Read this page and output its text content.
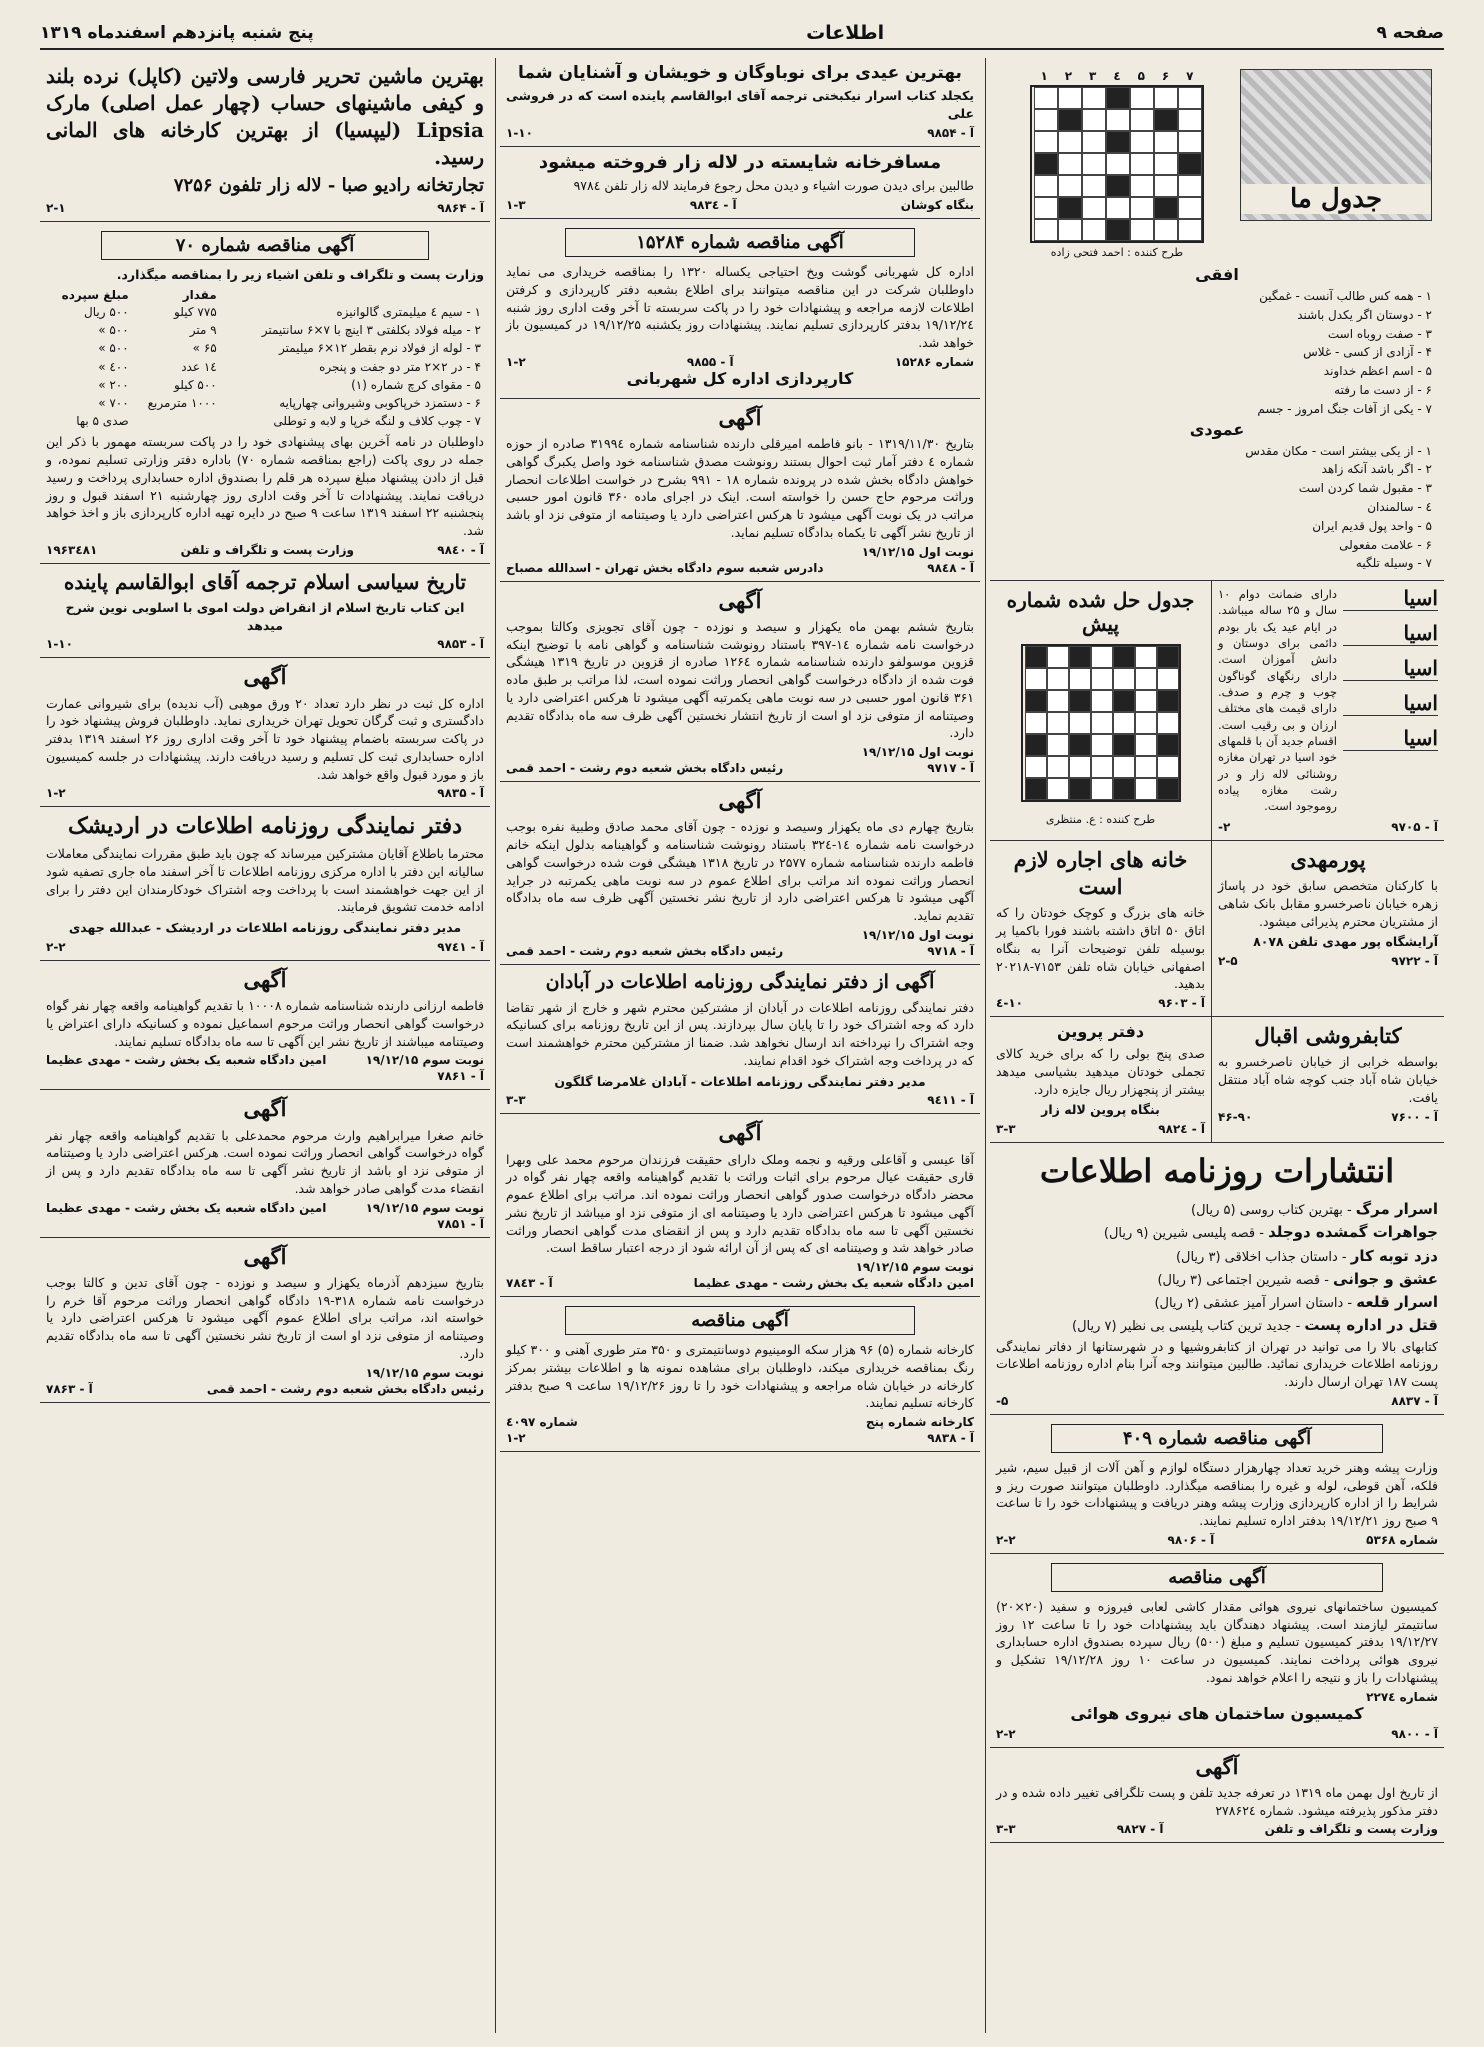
صفحه ۹
اطلاعات
پنج شنبه پانزدهم اسفندماه ۱۳۱۹
جدول ما
۱ ۲ ۳ ٤ ۵ ۶ ۷
طرح کننده : احمد فتحی زاده
افقی

۱ - همه کس طالب آنست - غمگین

۲ - دوستان اگر یکدل باشند

۳ - صفت روباه است

۴ - آزادی از کسی - غلاس

۵ - اسم اعظم خداوند

۶ - از دست ما رفته

۷ - یکی از آفات جنگ امروز - جسم

عمودی

۱ - از یکی بیشتر است - مکان مقدس

۲ - اگر باشد آنکه زاهد

۳ - مقبول شما کردن است

٤ - سالمندان

۵ - واحد پول قدیم ایران

۶ - علامت مفعولی

۷ - وسیله تلگیه

اسیا
اسیا
اسیا
اسیا
اسیا

دارای ضمانت دوام ۱۰ سال و ۲۵ ساله میباشد. در ایام عید یک بار بودم دائمی برای دوستان و دانش آموزان است. دارای رنگهای گوناگون چوب و چرم و صدف. دارای قیمت های مختلف ارزان و بی رقیب است. اقسام جدید آن با قلمهای خود اسیا در تهران مغازه روشنائی لاله زار و در رشت مغازه پیاده روموجود است.

آ - ۹۷۰۵
۲-
جدول حل شده شماره پیش
طرح کننده : ع. منتظری
پورمهدی

با کارکنان متخصص سابق خود در پاساژ زهره خیابان ناصرخسرو مقابل بانک شاهی از مشتریان محترم پذیرائی میشود.

آرایشگاه پور مهدی تلفن ۸۰۷۸

آ - ۹۷۲۲
۲-۵
خانه های اجاره لازم است

خانه های بزرگ و کوچک خودتان را که اتاق ۵۰ اتاق داشته باشند فورا باکمیا پر بوسیله تلفن توضیحات آنرا به بنگاه اصفهانی خیابان شاه تلفن ۷۱۵۳-۲۰۲۱۸ بدهید.

آ - ۹۶۰۳
۱۰-٤
کتابفروشی اقبال

بواسطه خرابی از خیابان ناصرخسرو به خیابان شاه آباد جنب کوچه شاه آباد منتقل یافت.

آ - ۷۶۰۰
۴۶-۹۰
دفتر پروین

صدی پنج بولی را که برای خرید کالای تجملی خودتان میدهید بشیاسی میدهد بیشتر از پنجهزار ریال جایزه دارد.

بنگاه پروین لاله زار

آ - ۹۸۲٤
۳-۳
انتشارات روزنامه اطلاعات
اسرار مرگ - بهترین کتاب روسی (۵ ریال)
جواهرات گمشده دوجلد - قصه پلیسی شیرین (۹ ریال)
دزد توبه کار - داستان جذاب اخلاقی (۳ ریال)
عشق و جوانی - قصه شیرین اجتماعی (۳ ریال)
اسرار قلعه - داستان اسرار آمیز عشقی (۲ ریال)
قتل در اداره پست - جدید ترین کتاب پلیسی بی نظیر (۷ ریال)

کتابهای بالا را می توانید در تهران از کتابفروشیها و در شهرستانها از دفاتر نمایندگی روزنامه اطلاعات خریداری نمائید. طالبین میتوانند وجه آنرا بنام اداره روزنامه اطلاعات پست ۱۸۷ تهران ارسال دارند.

آ - ۸۸۳۷
۵-
آگهی مناقصه شماره ۴۰۹

وزارت پیشه وهنر خرید تعداد چهارهزار دستگاه لوازم و آهن آلات از قبیل سیم، شیر فلکه، آهن قوطی، لوله و غیره را بمناقصه میگذارد. داوطلبان میتوانند صورت ریز و شرایط را از اداره کارپردازی وزارت پیشه وهنر دریافت و پیشنهادات خود را تا ساعت ۹ صبح روز ۱۹/۱۲/۲۱ بدفتر اداره تسلیم نمایند.

شماره ۵۳۶۸
آ - ۹۸۰۶
۲-۲
آگهی مناقصه

کمیسیون ساختمانهای نیروی هوائی مقدار کاشی لعابی فیروزه و سفید (۲۰×۲۰) سانتیمتر لیازمند است. پیشنهاد دهندگان باید پیشنهادات خود را تا ساعت ۱۲ روز ۱۹/۱۲/۲۷ بدفتر کمیسیون تسلیم و مبلغ (۵۰۰) ریال سپرده بصندوق اداره حسابداری نیروی هوائی پرداخت نمایند. کمیسیون در ساعت ۱۰ روز ۱۹/۱۲/۲۸ تشکیل و پیشنهادات را باز و نتیجه را اعلام خواهد نمود.

شماره ۲۲۷٤
کمیسیون ساختمان های نیروی هوائی
آ - ۹۸۰۰
۲-۲
آگهی

از تاریخ اول بهمن ماه ۱۳۱۹ در تعرفه جدید تلفن و پست تلگرافی تغییر داده شده و در دفتر مذکور پذیرفته میشود. شماره ۲۷۸۶۲٤

وزارت پست و تلگراف و تلفن
آ - ۹۸۲۷
۳-۳
بهترین عیدی برای نوباوگان و خویشان و آشنایان شما

یکجلد کتاب اسرار نیکبختی ترجمه آقای ابوالقاسم پاینده است که در فروشی علی

آ - ۹۸۵۴
۱-۱۰
مسافرخانه شایسته در لاله زار فروخته میشود

طالبین برای دیدن صورت اشیاء و دیدن محل رجوع فرمایند لاله زار تلفن ۹۷۸٤

بنگاه کوشان
آ - ۹۸۳٤
۱-۳
آگهی مناقصه شماره ۱۵۲۸۴

اداره کل شهربانی گوشت ویخ احتیاجی یکساله ۱۳۲۰ را بمناقصه خریداری می نماید داوطلبان شرکت در این مناقصه میتوانند برای اطلاع بشعبه دفتر کارپردازی و کرفتن اطلاعات لازمه مراجعه و پیشنهادات خود را در پاکت سربسته تا آخر وقت اداری روز شنبه ۱۹/۱۲/۲٤ بدفتر کارپردازی تسلیم نمایند. پیشنهادات روز یکشنبه ۱۹/۱۲/۲۵ در کمیسیون باز خواهد شد.

شماره ۱۵۲۸۶
آ - ۹۸۵۵
۱-۲
کارپردازی اداره کل شهربانی
آگهی

بتاریخ ۱۳۱۹/۱۱/۳۰ - بانو فاطمه امیرقلی دارنده شناسنامه شماره ۳۱۹۹٤ صادره از حوزه شماره ٤ دفتر آمار ثبت احوال بستند رونوشت مصدق شناسنامه خود واصل یکبرگ گواهی خواهش دادگاه بخش شده در پرونده شماره ۱۸ - ۹۹۱ بشرح در خواست اطلاعات انحصار وراثت مرحوم حاج حسن را خواسته است. اینک در اجرای ماده ۳۶۰ قانون امور حسبی مراتب در یک نوبت آگهی میشود تا هرکس اعتراضی دارد یا وصیتنامه از متوفی نزد او باشد از تاریخ نشر آگهی تا یکماه بدادگاه تسلیم نماید.

نوبت اول ۱۹/۱۲/۱۵
آ - ۹۸٤۸
دادرس شعبه سوم دادگاه بخش تهران - اسدالله مصباح
آگهی

بتاریخ ششم بهمن ماه یکهزار و سیصد و نوزده - چون آقای تجویزی وکالتا بموجب درخواست نامه شماره ۱٤-۳۹۷ باستناد رونوشت شناسنامه و گواهی نامه با توضیح اینکه قزوین موسولفو دارنده شناسنامه شماره ۱۲۶٤ صادره از قزوین در تاریخ ۱۳۱۹ هیشگی فوت شده از دادگاه درخواست گواهی انحصار وراثت نموده است، لذا مراتب بر طبق ماده ۳۶۱ قانون امور حسبی در سه نوبت ماهی یکمرتبه آگهی میشود تا هرکس اعتراضی دارد یا وصیتنامه از متوفی نزد او است از تاریخ انتشار نخستین آگهی ظرف سه ماه بدادگاه تقدیم دارد.

نوبت اول ۱۹/۱۲/۱۵
آ - ۹۷۱۷
رئیس دادگاه بخش شعبه دوم رشت - احمد قمی
آگهی

بتاریخ چهارم دی ماه یکهزار وسیصد و نوزده - چون آقای محمد صادق وطبیة نفره بوجب درخواست نامه شماره ۱٤-۳۲٤ باستناد رونوشت شناسنامه و گواهینامه بدلول اینکه خانم فاطمه دارنده شناسنامه شماره ۲۵۷۷ در تاریخ ۱۳۱۸ هیشگی فوت شده درخواست گواهی انحصار وراثت نموده اند مراتب برای اطلاع عموم در سه نوبت ماهی یکمرتبه در جراید آگهی میشود تا هرکس اعتراضی دارد از تاریخ نشر نخستین آگهی ظرف سه ماه بدادگاه تقدیم نماید.

نوبت اول ۱۹/۱۲/۱۵
آ - ۹۷۱۸
رئیس دادگاه بخش شعبه دوم رشت - احمد قمی
آگهی از دفتر نمایندگی روزنامه اطلاعات در آبادان

دفتر نمایندگی روزنامه اطلاعات در آبادان از مشترکین محترم شهر و خارج از شهر تقاضا دارد که وجه اشتراک خود را تا پایان سال بپردازند. پس از این تاریخ روزنامه برای کسانیکه وجه اشتراک را نپرداخته اند ارسال نخواهد شد. ضمنا از مشترکین محترم خواهشمند است که در پرداخت وجه اشتراک خود اقدام نمایند.

مدیر دفتر نمایندگی روزنامه اطلاعات - آبادان غلامرضا گلگون

آ - ۹٤۱۱
۳-۳
آگهی

آقا عیسی و آقاعلی ورقیه و نجمه وملک دارای حقیقت فرزندان مرحوم محمد علی وبهرا قاری حقیقت عیال مرحوم برای اثبات وراثت با تقدیم گواهینامه واقعه چهار نفر گواه در محضر دادگاه درخواست صدور گواهی انحصار وراثت نموده اند. مراتب برای اطلاع عموم آگهی میشود تا هرکس اعتراضی دارد یا وصیتنامه ای از متوفی نزد او میباشد از تاریخ نشر نخستین آگهی تا سه ماه بدادگاه تقدیم دارد و پس از انقضای مدت گواهی انحصار وراثت صادر خواهد شد و وصیتنامه ای که پس از آن ارائه شود از درجه اعتبار ساقط است.

نوبت سوم ۱۹/۱۲/۱۵
امین دادگاه شعبه یک بخش رشت - مهدی عظیما
آ - ۷۸٤۳
آگهی مناقصه

کارخانه شماره (۵) ۹۶ هزار سکه الومینیوم دوسانتیمتری و ۳۵۰ متر طوری آهنی و ۳۰۰ کیلو رنگ بمناقصه خریداری میکند، داوطلبان برای مشاهده نمونه ها و اطلاعات بیشتر بمرکز کارخانه در خیابان شاه مراجعه و پیشنهادات خود را تا روز ۱۹/۱۲/۲۶ ساعت ۹ صبح بدفتر کارخانه تسلیم نمایند.

کارخانه شماره پنج
شماره ٤۰۹۷
آ - ۹۸۳۸
۱-۲

بهترین ماشین تحریر فارسی ولاتین (کاپل) نرده بلند و کیفی ماشینهای حساب (چهار عمل اصلی) مارک Lipsia (لیپسیا) از بهترین کارخانه های المانی رسید.

تجارتخانه رادیو صبا - لاله زار تلفون ۷۲۵۶

آ - ۹۸۶۴
۲-۱
آگهی مناقصه شماره ۷۰

وزارت پست و تلگراف و تلفن اشیاء زیر را بمناقصه میگذارد.

	مقدار	مبلغ سپرده
۱ - سیم ٤ میلیمتری گالوانیزه	۷۷۵ کیلو	۵۰۰ ریال
۲ - میله فولاد بکلفتی ۳ اینچ با ۷×۶ سانتیمتر	۹ متر	۵۰۰ »
۳ - لوله از فولاد نرم بقطر ۱۲×۶ میلیمتر	۶۵ »	۵۰۰ »
۴ - در ۲×۲ متر دو جفت و پنجره	۱٤ عدد	٤۰۰ »
۵ - مقوای کرچ شماره (۱)	۵۰۰ کیلو	۲۰۰ »
۶ - دستمزد خرپاکوبی وشیروانی چهارپایه	۱۰۰۰ مترمربع	۷۰۰ »
۷ - چوب کلاف و لنگه خرپا و لابه و توطلی		صدی ۵ بها

داوطلبان در نامه آخرین بهای پیشنهادی خود را در پاکت سربسته مهمور با ذکر این جمله در روی پاکت (راجع بمناقصه شماره ۷۰) باداره دفتر وزارتی تسلیم نموده، و قبل از دادن پیشنهاد مبلغ سپرده هر قلم را بصندوق اداره حسابداری پرداخت و رسید دریافت نمایند. پیشنهادات تا آخر وقت اداری روز چهارشنبه ۲۱ اسفند قبول و روز پنجشنبه ۲۲ اسفند ۱۳۱۹ ساعت ۹ صبح در دایره تهیه اداره کارپردازی باز و اخذ خواهد شد.

آ - ۹۸٤۰
وزارت پست و تلگراف و تلفن
۱۹۶۳٤۸۱
تاریخ سیاسی اسلام ترجمه آقای ابوالقاسم پاینده

این کتاب تاریخ اسلام از انقراض دولت اموی با اسلوبی نوین شرح میدهد

آ - ۹۸۵۳
۱-۱۰
آگهی

اداره کل ثبت در نظر دارد تعداد ۲۰ ورق موهبی (آب ندیده) برای شیروانی عمارت دادگستری و ثبت گرگان تحویل تهران خریداری نماید. داوطلبان فروش پیشنهاد خود را در پاکت سربسته باضمام پیشنهاد خود تا آخر وقت اداری روز ۲۶ اسفند ۱۳۱۹ بدفتر اداره حسابداری ثبت کل تسلیم و رسید دریافت دارند. پیشنهادات در جلسه کمیسیون باز و مورد قبول واقع خواهد شد.

آ - ۹۸۳۵
۱-۲
دفتر نمایندگی روزنامه اطلاعات در اردیشک

محترما باطلاع آقایان مشترکین میرساند که چون باید طبق مقررات نمایندگی معاملات سالیانه این دفتر با اداره مرکزی روزنامه اطلاعات تا آخر اسفند ماه جاری تصفیه شود از این جهت خواهشمند است با پرداخت وجه اشتراک خودکارمندان این دفتر را برای ادامه خدمت تشویق فرمایند.

مدیر دفتر نمایندگی روزنامه اطلاعات در اردیشک - عبدالله جهدی

آ - ۹۷٤۱
۲-۲
آگهی

فاطمه ارزانی دارنده شناسنامه شماره ۱۰۰۰۸ با تقدیم گواهینامه واقعه چهار نفر گواه درخواست گواهی انحصار وراثت مرحوم اسماعیل نموده و کسانیکه دارای اعتراض یا وصیتنامه میباشند از تاریخ نشر این آگهی تا سه ماه بدادگاه تسلیم نمایند.

نوبت سوم ۱۹/۱۲/۱۵
امین دادگاه شعبه یک بخش رشت - مهدی عظیما
آ - ۷۸۶۱
آگهی

خانم صغرا میرابراهیم وارث مرحوم محمدعلی با تقدیم گواهینامه واقعه چهار نفر گواه درخواست گواهی انحصار وراثت نموده است. هرکس اعتراضی دارد یا وصیتنامه از متوفی نزد او باشد از تاریخ نشر آگهی تا سه ماه بدادگاه تقدیم دارد و پس از انقضاء مدت گواهی صادر خواهد شد.

نوبت سوم ۱۹/۱۲/۱۵
امین دادگاه شعبه یک بخش رشت - مهدی عظیما
آ - ۷۸۵۱
آگهی

بتاریخ سیزدهم آذرماه یکهزار و سیصد و نوزده - چون آقای تدین و کالتا بوجب درخواست نامه شماره ۳۱۸-۱۹ دادگاه گواهی انحصار وراثت مرحوم آقا خرم را خواسته اند، مراتب برای اطلاع عموم آگهی میشود تا هرکس اعتراضی دارد یا وصیتنامه از متوفی نزد او است از تاریخ نشر نخستین آگهی تا سه ماه بدادگاه تقدیم دارد.

نوبت سوم ۱۹/۱۲/۱۵
رئیس دادگاه بخش شعبه دوم رشت - احمد قمی
آ - ۷۸۶۳
